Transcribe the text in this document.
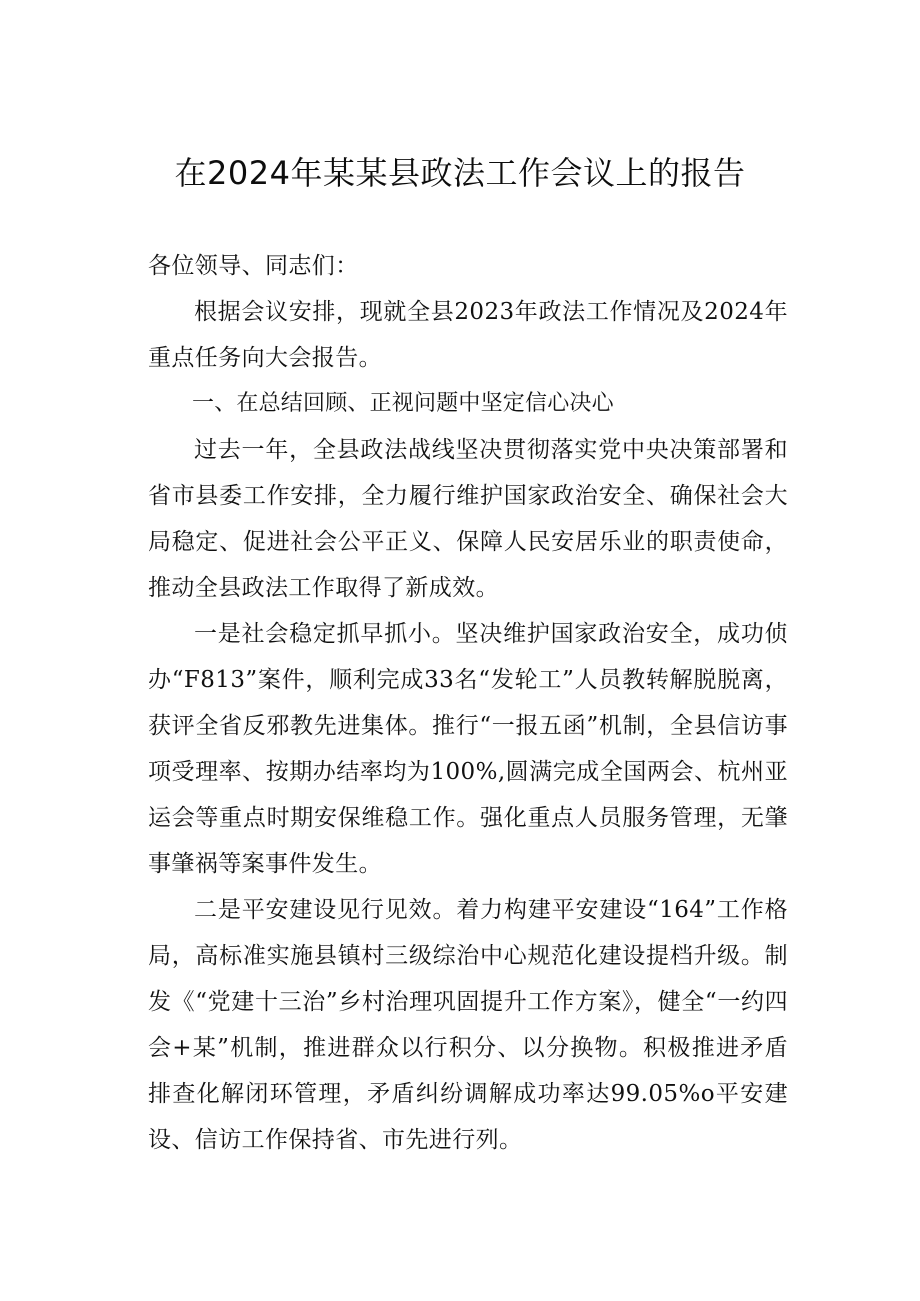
在2024年某某县政法工作会议上的报告

各位领导、同志们：

根据会议安排，现就全县2023年政法工作情况及2024年重点任务向大会报告。

一、在总结回顾、正视问题中坚定信心决心

过去一年，全县政法战线坚决贯彻落实党中央决策部署和省市县委工作安排，全力履行维护国家政治安全、确保社会大局稳定、促进社会公平正义、保障人民安居乐业的职责使命，推动全县政法工作取得了新成效。

一是社会稳定抓早抓小。坚决维护国家政治安全，成功侦办“F813”案件，顺利完成33名“发轮工”人员教转解脱脱离，获评全省反邪教先进集体。推行“一报五函”机制，全县信访事项受理率、按期办结率均为100%,圆满完成全国两会、杭州亚运会等重点时期安保维稳工作。强化重点人员服务管理，无肇事肇祸等案事件发生。

二是平安建设见行见效。着力构建平安建设“164”工作格局，高标准实施县镇村三级综治中心规范化建设提档升级。制发《“党建十三治”乡村治理巩固提升工作方案》，健全“一约四会+某”机制，推进群众以行积分、以分换物。积极推进矛盾排查化解闭环管理，矛盾纠纷调解成功率达99.05%o平安建设、信访工作保持省、市先进行列。
